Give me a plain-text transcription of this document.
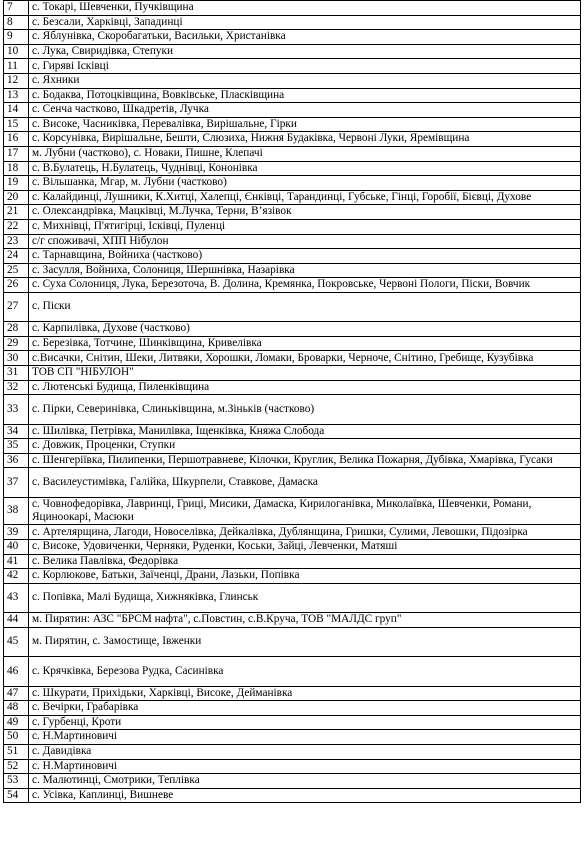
7	с. Токарі, Шевченки, Пучківщина
8	с. Безсали, Харківці, Западинці
9	с. Яблунівка, Скоробагатьки, Васильки, Христанівка
10	с. Лука, Свиридівка, Степуки
11	с. Гиряві Ісківці
12	с. Яхники
13	с. Бодаква, Потоцківщина, Вовківське, Пласківщина
14	с. Сенча частково, Шкадретів, Лучка
15	с. Високе, Часниківка, Перевалівка, Вирішальне, Гірки
16	с. Корсунівка, Вирішальне, Бешти, Слюзиха, Нижня Будаківка, Червоні Луки, Яремівщина
17	м. Лубни (частково), с. Новаки, Пишне, Клепачі
18	с. В.Булатець, Н.Булатець, Чуднівці, Кононівка
19	с. Вільшанка, Мгар, м. Лубни (частково)
20	с. Калайдинці, Лушники, К.Хитці, Халепці, Єнківці, Тарандинці, Губське, Гінці, Горобії, Бієвці, Духове
21	с. Олександрівка, Мацківці, М.Лучка, Терни, В’язівок
22	с. Михнівці, П'ятигірці, Ісківці, Пуленці
23	с/г споживачі, ХПП Нібулон
24	с. Тарнавщина, Войниха (частково)
25	с. Засулля, Войниха, Солониця, Шершнівка, Назарівка
26	с. Суха Солониця, Лука, Березоточа, В. Долина, Кремянка, Покровське, Червоні Пологи, Піски, Вовчик
27	с. Піски
28	с. Карпилівка, Духове (частково)
29	с. Березівка, Тотчине, Шинківщина, Кривелівка
30	с.Висачки, Снітин, Шеки, Литвяки, Хорошки, Ломаки, Броварки, Черноче, Снітино, Гребище, Кузубівка
31	ТОВ СП "НІБУЛОН"
32	с. Лютенські Будища, Пиленківщина
33	с. Пірки, Северинівка, Слиньківщина, м.Зіньків (частково)
34	с. Шилівка, Петрівка, Манилівка, Іщенківка, Княжа Слобода
35	с. Довжик, Проценки, Ступки
36	с. Шенгеріївка, Пилипенки, Першотравневе, Кілочки, Круглик, Велика Пожарня, Дубівка, Хмарівка, Гусаки
37	с. Василеустимівка, Галійка, Шкурпели, Ставкове, Дамаска
38	с. Човнофедорівка, Лавринці, Гриці, Мисики, Дамаска, Кирилоганівка, Миколаївка, Шевченки, Романи, Яциноокарі, Масюки
39	с. Артелярщина, Лагоди, Новоселівка, Дейкалівка, Дублянщина, Гришки, Сулими, Левошки, Підозірка
40	с. Високе, Удовиченки, Черняки, Руденки, Коськи, Зайці, Левченки, Матяші
41	с. Велика Павлівка, Федорівка
42	с. Корлюкове, Батьки, Заїченці, Драни, Лазьки, Попівка
43	с. Попівка, Малі Будища, Хижняківка, Глинськ
44	м. Пирятин: АЗС "БРСМ нафта", с.Повстин, с.В.Круча, ТОВ "МАЛДС груп"
45	м. Пирятин, с. Замостище, Івженки
46	с. Крячківка, Березова Рудка, Сасинівка
47	с. Шкурати, Прихідьки, Харківці, Високе, Дейманівка
48	с. Вечірки, Грабарівка
49	с. Гурбенці, Кроти
50	с. Н.Мартиновичі
51	с. Давидівка
52	с. Н.Мартиновичі
53	с. Малютинці, Смотрики, Теплівка
54	с. Усівка, Каплинці, Вишневе
